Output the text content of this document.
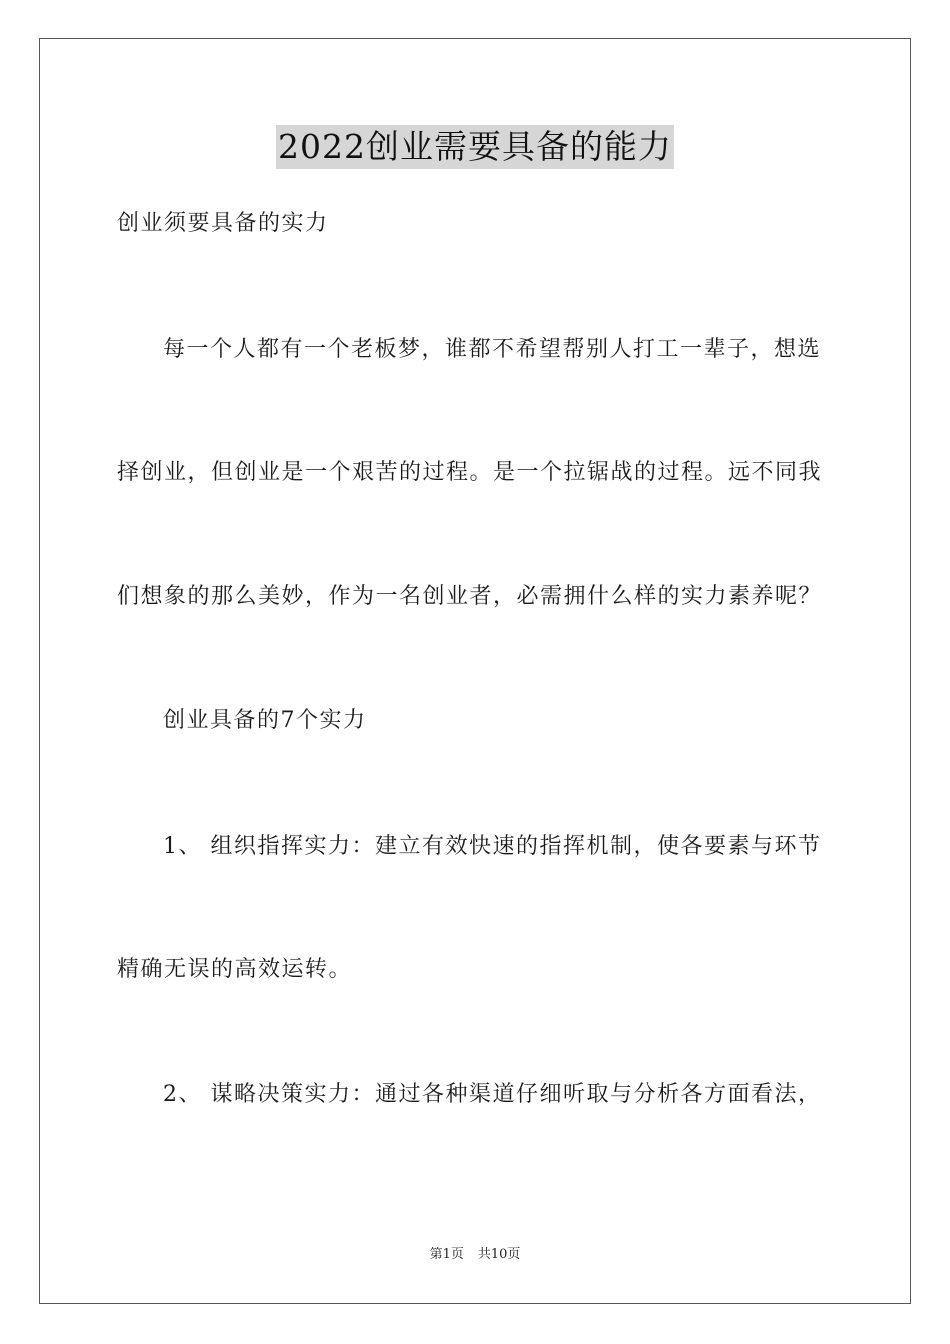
2022创业需要具备的能力
创业须要具备的实力
每一个人都有一个老板梦，谁都不希望帮别人打工一辈子，想选
择创业，但创业是一个艰苦的过程。是一个拉锯战的过程。远不同我
们想象的那么美妙，作为一名创业者，必需拥什么样的实力素养呢？
创业具备的7个实力
1、 组织指挥实力：建立有效快速的指挥机制，使各要素与环节
精确无误的高效运转。
2、 谋略决策实力：通过各种渠道仔细听取与分析各方面看法，
第1页 共10页
